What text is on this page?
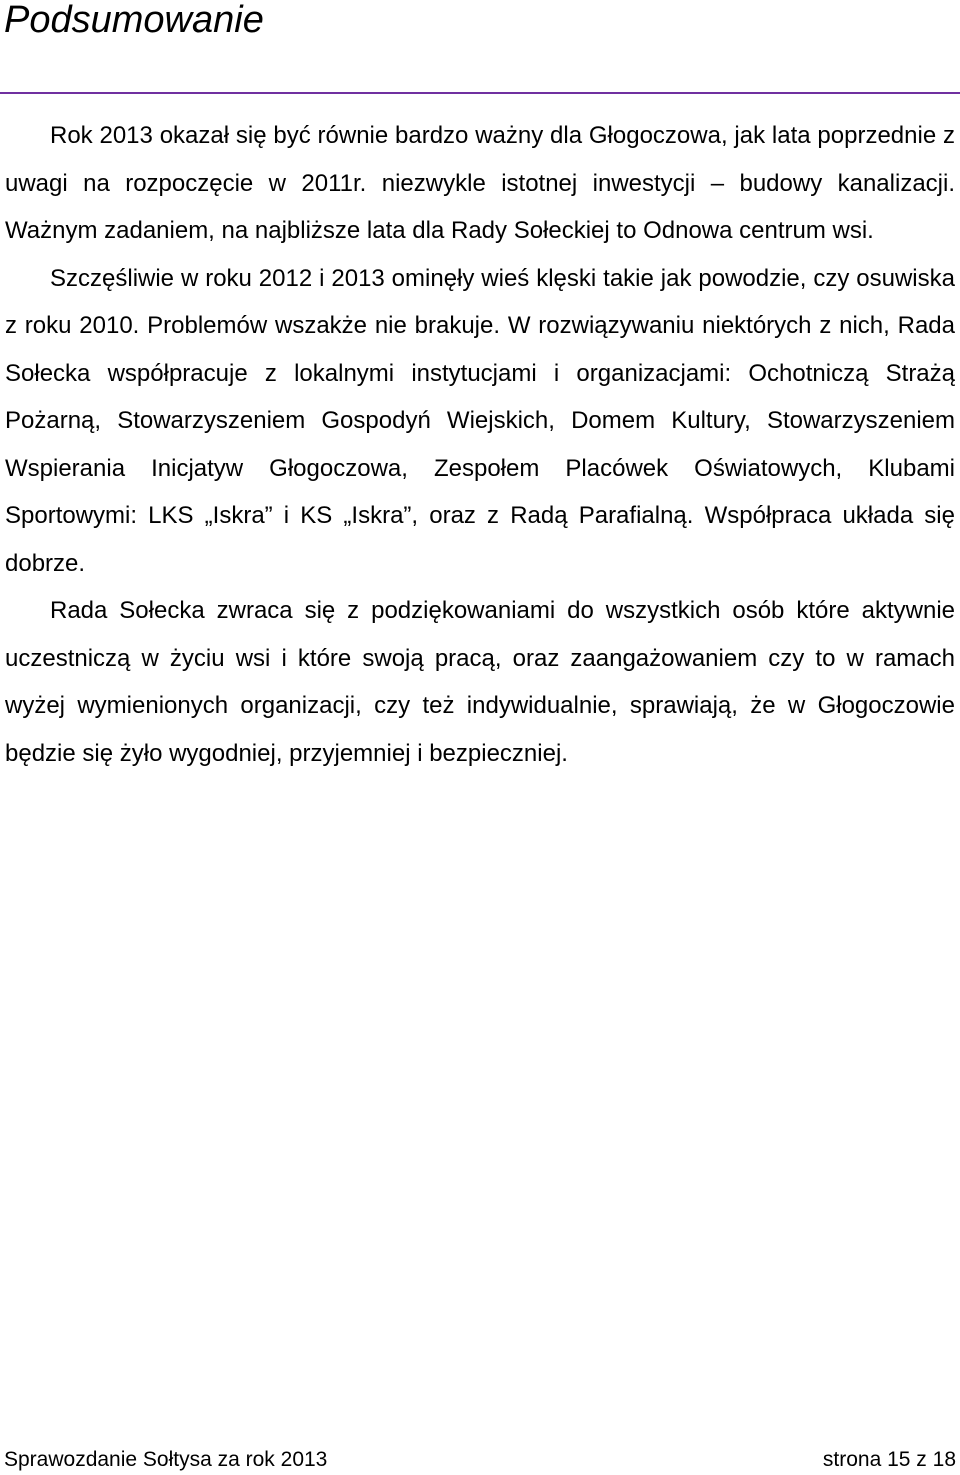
Podsumowanie

Rok 2013 okazał się być równie bardzo ważny dla Głogoczowa, jak lata poprzednie z uwagi na rozpoczęcie w 2011r. niezwykle istotnej inwestycji – budowy kanalizacji. Ważnym zadaniem, na najbliższe lata dla Rady Sołeckiej to Odnowa centrum wsi.

Szczęśliwie w roku 2012 i 2013 ominęły wieś klęski takie jak powodzie, czy osuwiska z roku 2010. Problemów wszakże nie brakuje. W rozwiązywaniu niektórych z nich, Rada Sołecka współpracuje z lokalnymi instytucjami i organizacjami: Ochotniczą Strażą Pożarną, Stowarzyszeniem Gospodyń Wiejskich, Domem Kultury, Stowarzyszeniem Wspierania Inicjatyw Głogoczowa, Zespołem Placówek Oświatowych, Klubami Sportowymi: LKS „Iskra” i KS „Iskra”, oraz z Radą Parafialną. Współpraca układa się dobrze.

Rada Sołecka zwraca się z podziękowaniami do wszystkich osób które aktywnie uczestniczą w życiu wsi i które swoją pracą, oraz zaangażowaniem czy to w ramach wyżej wymienionych organizacji, czy też indywidualnie, sprawiają, że w Głogoczowie będzie się żyło wygodniej, przyjemniej i bezpieczniej.

Sprawozdanie Sołtysa za rok 2013	strona 15 z 18
